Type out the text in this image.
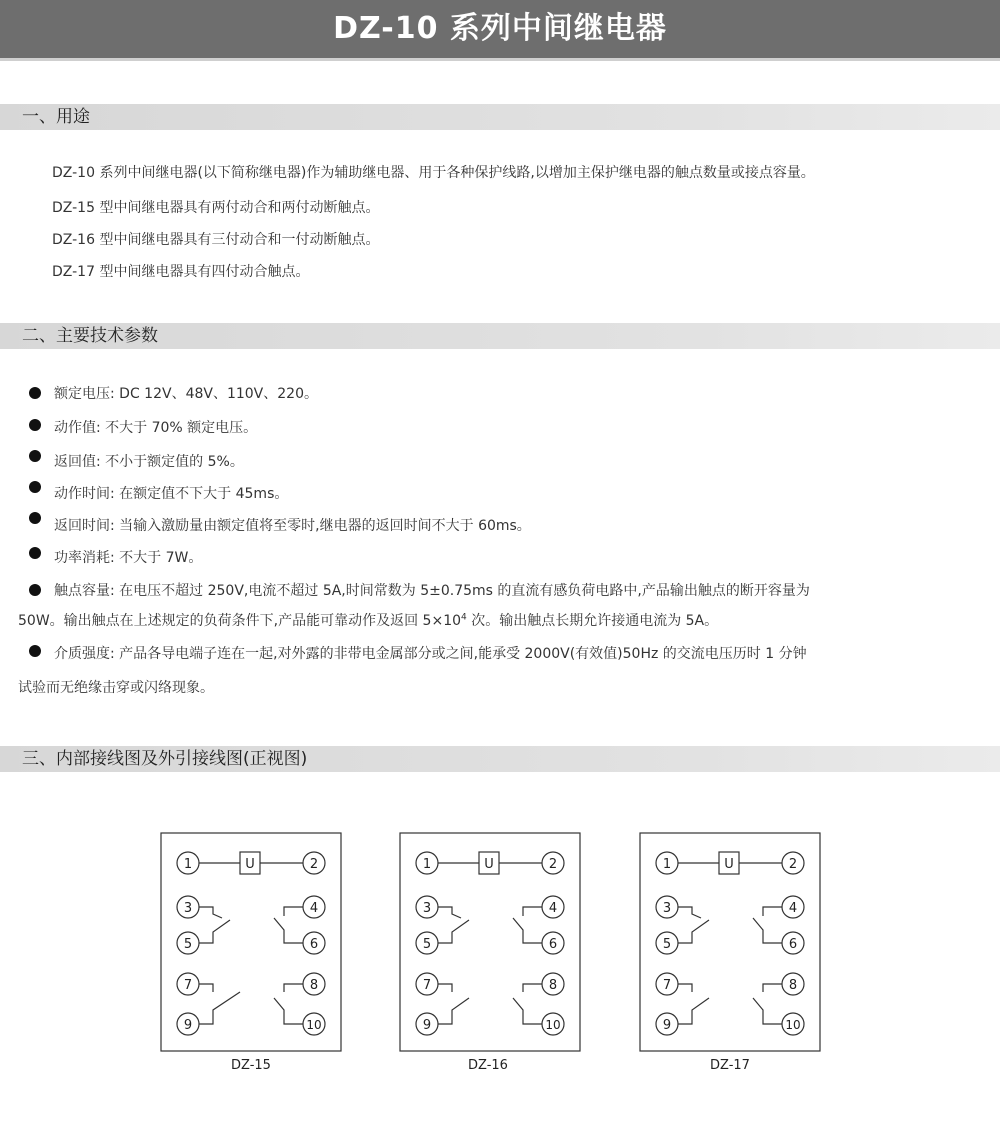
DZ-10 系列中间继电器
一、用途
DZ-10 系列中间继电器(以下简称继电器)作为辅助继电器、用于各种保护线路,以增加主保护继电器的触点数量或接点容量。
DZ-15 型中间继电器具有两付动合和两付动断触点。
DZ-16 型中间继电器具有三付动合和一付动断触点。
DZ-17 型中间继电器具有四付动合触点。
二、主要技术参数
额定电压: DC 12V、48V、110V、220。
动作值: 不大于 70% 额定电压。
返回值: 不小于额定值的 5%。
动作时间: 在额定值不下大于 45ms。
返回时间: 当输入激励量由额定值将至零时,继电器的返回时间不大于 60ms。
功率消耗: 不大于 7W。
触点容量: 在电压不超过 250V,电流不超过 5A,时间常数为 5±0.75ms 的直流有感负荷电路中,产品输出触点的断开容量为
50W。输出触点在上述规定的负荷条件下,产品能可靠动作及返回 $5\times 10^4$ 次。输出触点长期允许接通电流为 5A。
介质强度: 产品各导电端子连在一起,对外露的非带电金属部分或之间,能承受 2000V(有效值)50Hz 的交流电压历时 1 分钟
试验而无绝缘击穿或闪络现象。
三、内部接线图及外引接线图(正视图)
U
1	2
3	4
5	6
7	8
9	10
DZ-15
U
1	2
3	4
5	6
7	8
9	10
DZ-16
U
1	2
3	4
5	6
7	8
9	10
DZ-17
